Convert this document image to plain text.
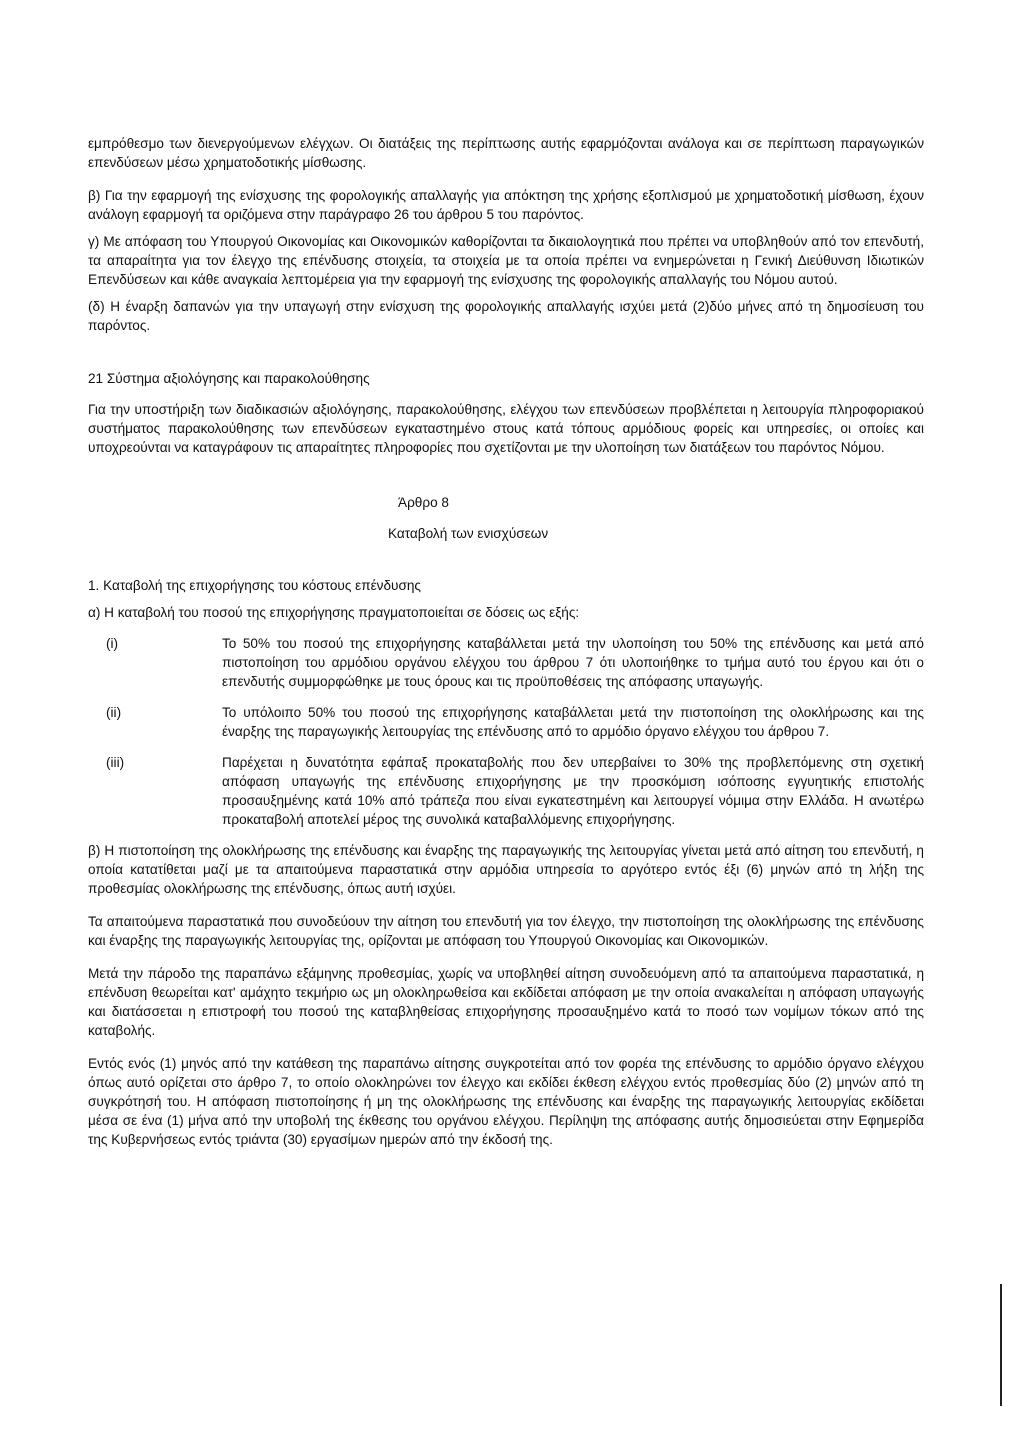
εμπρόθεσμο των διενεργούμενων ελέγχων. Οι διατάξεις της περίπτωσης αυτής εφαρμόζονται ανάλογα και σε περίπτωση παραγωγικών επενδύσεων μέσω χρηματοδοτικής μίσθωσης.

β) Για την εφαρμογή της ενίσχυσης της φορολογικής απαλλαγής για απόκτηση της χρήσης εξοπλισμού με χρηματοδοτική μίσθωση, έχουν ανάλογη εφαρμογή τα οριζόμενα στην παράγραφο 26 του άρθρου 5 του παρόντος.

γ) Με απόφαση του Υπουργού Οικονομίας και Οικονομικών καθορίζονται τα δικαιολογητικά που πρέπει να υποβληθούν από τον επενδυτή, τα απαραίτητα για τον έλεγχο της επένδυσης στοιχεία, τα στοιχεία με τα οποία πρέπει να ενημερώνεται η Γενική Διεύθυνση Ιδιωτικών Επενδύσεων και κάθε αναγκαία λεπτομέρεια για την εφαρμογή της ενίσχυσης της φορολογικής απαλλαγής του Νόμου αυτού.

(δ) Η έναρξη δαπανών για την υπαγωγή στην ενίσχυση της φορολογικής απαλλαγής ισχύει μετά (2)δύο μήνες από τη δημοσίευση του παρόντος.

21 Σύστημα αξιολόγησης και παρακολούθησης

Για την υποστήριξη των διαδικασιών αξιολόγησης, παρακολούθησης, ελέγχου των επενδύσεων προβλέπεται η λειτουργία πληροφοριακού συστήματος παρακολούθησης των επενδύσεων εγκαταστημένο στους κατά τόπους αρμόδιους φορείς και υπηρεσίες, οι οποίες και υποχρεούνται να καταγράφουν τις απαραίτητες πληροφορίες που σχετίζονται με την υλοποίηση των διατάξεων του παρόντος Νόμου.

Άρθρο 8

Καταβολή των ενισχύσεων

1. Καταβολή της επιχορήγησης του κόστους επένδυσης

α) Η καταβολή του ποσού της επιχορήγησης πραγματοποιείται σε δόσεις ως εξής:

(i)	Το 50% του ποσού της επιχορήγησης καταβάλλεται μετά την υλοποίηση του 50% της επένδυσης και μετά από πιστοποίηση του αρμόδιου οργάνου ελέγχου του άρθρου 7 ότι υλοποιήθηκε το τμήμα αυτό του έργου και ότι ο επενδυτής συμμορφώθηκε με τους όρους και τις προϋποθέσεις της απόφασης υπαγωγής.
(ii)	Το υπόλοιπο 50% του ποσού της επιχορήγησης καταβάλλεται μετά την πιστοποίηση της ολοκλήρωσης και της έναρξης της παραγωγικής λειτουργίας της επένδυσης από το αρμόδιο όργανο ελέγχου του άρθρου 7.
(iii)	Παρέχεται η δυνατότητα εφάπαξ προκαταβολής που δεν υπερβαίνει το 30% της προβλεπόμενης στη σχετική απόφαση υπαγωγής της επένδυσης επιχορήγησης με την προσκόμιση ισόποσης εγγυητικής επιστολής προσαυξημένης κατά 10% από τράπεζα που είναι εγκατεστημένη και λειτουργεί νόμιμα στην Ελλάδα. Η ανωτέρω προκαταβολή αποτελεί μέρος της συνολικά καταβαλλόμενης επιχορήγησης.

β) Η πιστοποίηση της ολοκλήρωσης της επένδυσης και έναρξης της παραγωγικής της λειτουργίας γίνεται μετά από αίτηση του επενδυτή, η οποία κατατίθεται μαζί με τα απαιτούμενα παραστατικά στην αρμόδια υπηρεσία το αργότερο εντός έξι (6) μηνών από τη λήξη της προθεσμίας ολοκλήρωσης της επένδυσης, όπως αυτή ισχύει.

Τα απαιτούμενα παραστατικά που συνοδεύουν την αίτηση του επενδυτή για τον έλεγχο, την πιστοποίηση της ολοκλήρωσης της επένδυσης και έναρξης της παραγωγικής λειτουργίας της, ορίζονται με απόφαση του Υπουργού Οικονομίας και Οικονομικών.

Μετά την πάροδο της παραπάνω εξάμηνης προθεσμίας, χωρίς να υποβληθεί αίτηση συνοδευόμενη από τα απαιτούμενα παραστατικά, η επένδυση θεωρείται κατ' αμάχητο τεκμήριο ως μη ολοκληρωθείσα και εκδίδεται απόφαση με την οποία ανακαλείται η απόφαση υπαγωγής και διατάσσεται η επιστροφή του ποσού της καταβληθείσας επιχορήγησης προσαυξημένο κατά το ποσό των νομίμων τόκων από της καταβολής.

Εντός ενός (1) μηνός από την κατάθεση της παραπάνω αίτησης συγκροτείται από τον φορέα της επένδυσης το αρμόδιο όργανο ελέγχου όπως αυτό ορίζεται στο άρθρο 7, το οποίο ολοκληρώνει τον έλεγχο και εκδίδει έκθεση ελέγχου εντός προθεσμίας δύο (2) μηνών από τη συγκρότησή του. Η απόφαση πιστοποίησης ή μη της ολοκλήρωσης της επένδυσης και έναρξης της παραγωγικής λειτουργίας εκδίδεται μέσα σε ένα (1) μήνα από την υποβολή της έκθεσης του οργάνου ελέγχου. Περίληψη της απόφασης αυτής δημοσιεύεται στην Εφημερίδα της Κυβερνήσεως εντός τριάντα (30) εργασίμων ημερών από την έκδοσή της.
